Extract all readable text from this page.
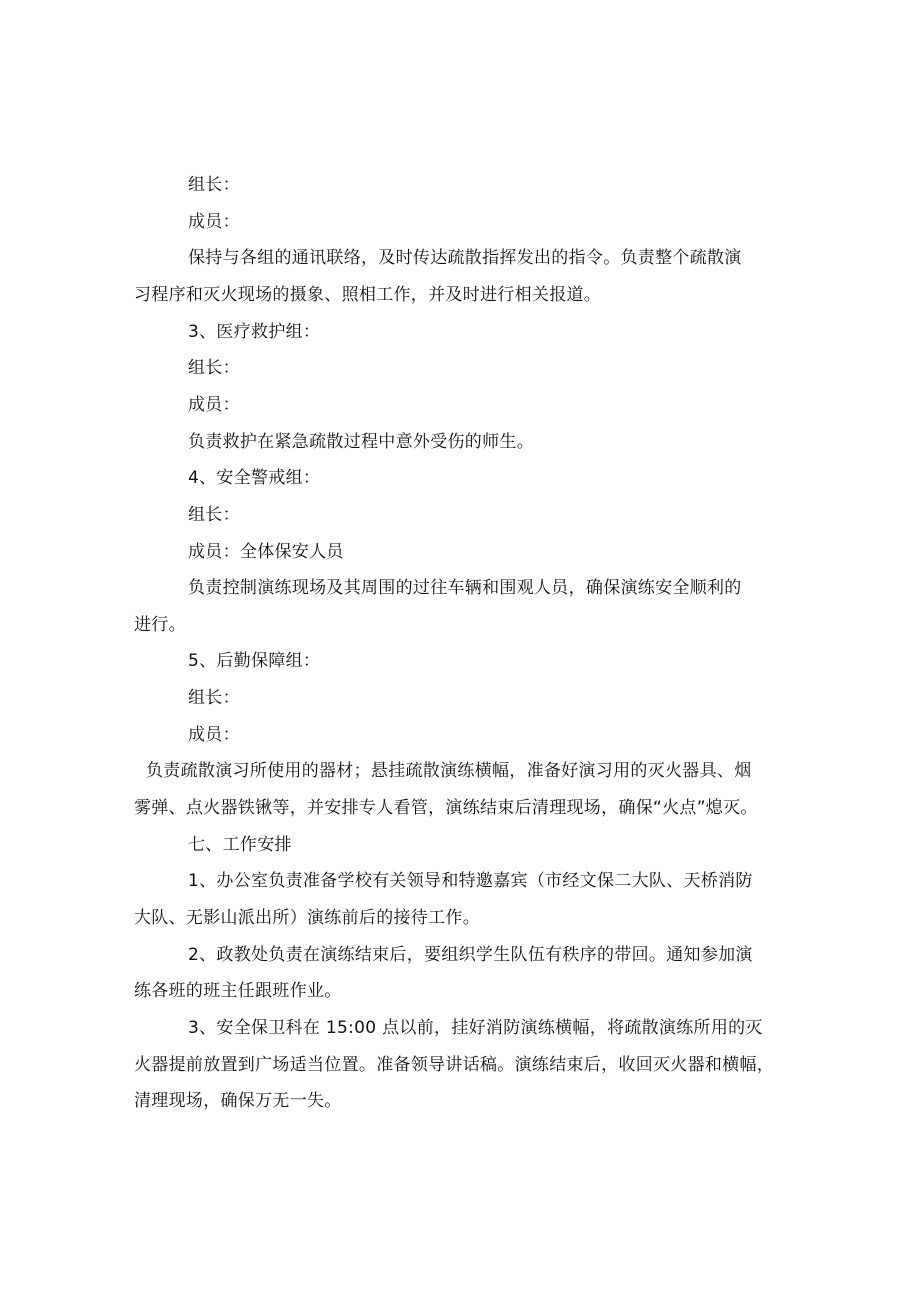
组长：
成员：
保持与各组的通讯联络，及时传达疏散指挥发出的指令。负责整个疏散演
习程序和灭火现场的摄象、照相工作，并及时进行相关报道。
3、医疗救护组：
组长：
成员：
负责救护在紧急疏散过程中意外受伤的师生。
4、安全警戒组：
组长：
成员：全体保安人员
负责控制演练现场及其周围的过往车辆和围观人员，确保演练安全顺利的
进行。
5、后勤保障组：
组长：
成员：
负责疏散演习所使用的器材；悬挂疏散演练横幅，准备好演习用的灭火器具、烟
雾弹、点火器铁锹等，并安排专人看管，演练结束后清理现场，确保“火点”熄灭。
七、工作安排
1、办公室负责准备学校有关领导和特邀嘉宾（市经文保二大队、天桥消防
大队、无影山派出所）演练前后的接待工作。
2、政教处负责在演练结束后，要组织学生队伍有秩序的带回。通知参加演
练各班的班主任跟班作业。
3、安全保卫科在 15:00 点以前，挂好消防演练横幅，将疏散演练所用的灭
火器提前放置到广场适当位置。准备领导讲话稿。演练结束后，收回灭火器和横幅，
清理现场，确保万无一失。
